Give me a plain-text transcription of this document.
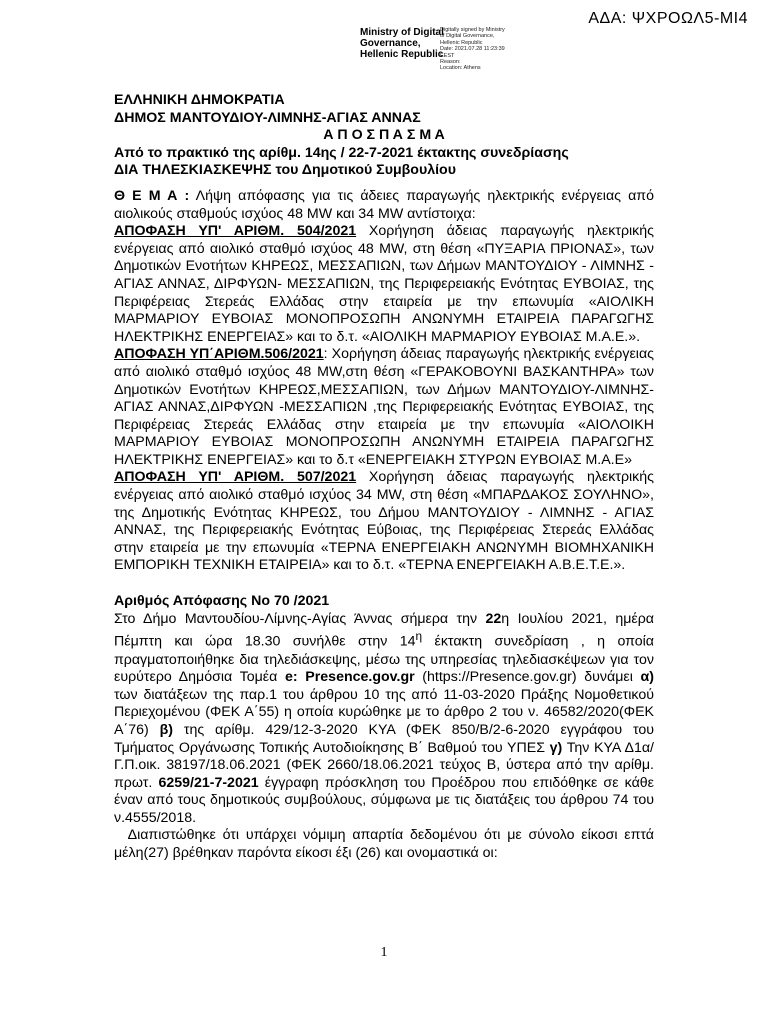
ΑΔΑ: ΨΧΡΟΩΛ5-ΜΙ4
Ministry of Digital
Governance,
Hellenic Republic
Digitally signed by Ministry
of Digital Governance,
Hellenic Republic
Date: 2021.07.28 11:23:39
EEST
Reason:
Location: Athens
ΕΛΛΗΝΙΚΗ ΔΗΜΟΚΡΑΤΙΑ
ΔΗΜΟΣ ΜΑΝΤΟΥΔΙΟΥ-ΛΙΜΝΗΣ-ΑΓΙΑΣ ΑΝΝΑΣ
Α Π Ο Σ Π Α Σ Μ Α
Από το πρακτικό της αρίθμ. 14ης / 22-7-2021 έκτακτης συνεδρίασης
ΔΙΑ ΤΗΛΕΣΚΙΑΣΚΕΨΗΣ του Δημοτικού Συμβουλίου

Θ Ε Μ Α : Λήψη απόφασης για τις άδειες παραγωγής ηλεκτρικής ενέργειας από αιολικούς σταθμούς ισχύος 48 MW και 34 MW αντίστοιχα:

ΑΠΟΦΑΣΗ ΥΠ' ΑΡΙΘΜ. 504/2021 Χορήγηση άδειας παραγωγής ηλεκτρικής ενέργειας από αιολικό σταθμό ισχύος 48 MW, στη θέση «ΠΥΞΑΡΙΑ ΠΡΙΟΝΑΣ», των Δημοτικών Ενοτήτων ΚΗΡΕΩΣ, ΜΕΣΣΑΠΙΩΝ, των Δήμων ΜΑΝΤΟΥΔΙΟΥ - ΛΙΜΝΗΣ - ΑΓΙΑΣ ΑΝΝΑΣ, ΔΙΡΦΥΩΝ- ΜΕΣΣΑΠΙΩΝ, της Περιφερειακής Ενότητας ΕΥΒΟΙΑΣ, της Περιφέρειας Στερεάς Ελλάδας στην εταιρεία με την επωνυμία «ΑΙΟΛΙΚΗ ΜΑΡΜΑΡΙΟΥ ΕΥΒΟΙΑΣ ΜΟΝΟΠΡΟΣΩΠΗ ΑΝΩΝΥΜΗ ΕΤΑΙΡΕΙΑ ΠΑΡΑΓΩΓΗΣ ΗΛΕΚΤΡΙΚΗΣ ΕΝΕΡΓΕΙΑΣ» και το δ.τ. «ΑΙΟΛΙΚΗ ΜΑΡΜΑΡΙΟΥ ΕΥΒΟΙΑΣ Μ.Α.Ε.».

ΑΠΟΦΑΣΗ ΥΠ΄ΑΡΙΘΜ.506/2021: Χορήγηση άδειας παραγωγής ηλεκτρικής ενέργειας από αιολικό σταθμό ισχύος 48 MW,στη θέση «ΓΕΡΑΚΟΒΟΥΝΙ ΒΑΣΚΑΝΤΗΡΑ» των Δημοτικών Ενοτήτων ΚΗΡΕΩΣ,ΜΕΣΣΑΠΙΩΝ, των Δήμων ΜΑΝΤΟΥΔΙΟΥ-ΛΙΜΝΗΣ-ΑΓΙΑΣ ΑΝΝΑΣ,ΔΙΡΦΥΩΝ -ΜΕΣΣΑΠΙΩΝ ,της Περιφερειακής Ενότητας ΕΥΒΟΙΑΣ, της Περιφέρειας Στερεάς Ελλάδας στην εταιρεία με την επωνυμία «ΑΙΟΛΟΙΚΗ ΜΑΡΜΑΡΙΟΥ ΕΥΒΟΙΑΣ ΜΟΝΟΠΡΟΣΩΠΗ ΑΝΩΝΥΜΗ ΕΤΑΙΡΕΙΑ ΠΑΡΑΓΩΓΗΣ ΗΛΕΚΤΡΙΚΗΣ ΕΝΕΡΓΕΙΑΣ» και το δ.τ «ΕΝΕΡΓΕΙΑΚΗ ΣΤΥΡΩΝ ΕΥΒΟΙΑΣ Μ.Α.Ε»

ΑΠΟΦΑΣΗ ΥΠ' ΑΡΙΘΜ. 507/2021 Χορήγηση άδειας παραγωγής ηλεκτρικής ενέργειας από αιολικό σταθμό ισχύος 34 MW, στη θέση «ΜΠΑΡΔΑΚΟΣ ΣΟΥΛΗΝΟ», της Δημοτικής Ενότητας ΚΗΡΕΩΣ, του Δήμου ΜΑΝΤΟΥΔΙΟΥ - ΛΙΜΝΗΣ - ΑΓΙΑΣ ΑΝΝΑΣ, της Περιφερειακής Ενότητας Εύβοιας, της Περιφέρειας Στερεάς Ελλάδας στην εταιρεία με την επωνυμία «ΤΕΡΝΑ ΕΝΕΡΓΕΙΑΚΗ ΑΝΩΝΥΜΗ ΒΙΟΜΗΧΑΝΙΚΗ ΕΜΠΟΡΙΚΗ ΤΕΧΝΙΚΗ ΕΤΑΙΡΕΙΑ» και το δ.τ. «ΤΕΡΝΑ ΕΝΕΡΓΕΙΑΚΗ Α.Β.Ε.Τ.Ε.».

Αριθμός Απόφασης Νο 70 /2021

Στο Δήμο Μαντουδίου-Λίμνης-Αγίας Άννας σήμερα την 22η Ιουλίου 2021, ημέρα Πέμπτη και ώρα 18.30 συνήλθε στην $14^\eta$ έκτακτη συνεδρίαση , η οποία πραγματοποιήθηκε δια τηλεδιάσκεψης, μέσω της υπηρεσίας τηλεδιασκέψεων για τον ευρύτερο Δημόσια Τομέα e: Presence.gov.gr (https://Presence.gov.gr) δυνάμει α) των διατάξεων της παρ.1 του άρθρου 10 της από 11-03-2020 Πράξης Νομοθετικού Περιεχομένου (ΦΕΚ Α΄55) η οποία κυρώθηκε με το άρθρο 2 του ν. 46582/2020(ΦΕΚ Α΄76) β) της αρίθμ. 429/12-3-2020 ΚΥΑ (ΦΕΚ 850/Β/2-6-2020 εγγράφου του Τμήματος Οργάνωσης Τοπικής Αυτοδιοίκησης Β΄ Βαθμού του ΥΠΕΣ γ) Την ΚΥΑ Δ1α/Γ.Π.οικ. 38197/18.06.2021 (ΦΕΚ 2660/18.06.2021 τεύχος Β, ύστερα από την αρίθμ. πρωτ. 6259/21-7-2021 έγγραφη πρόσκληση του Προέδρου που επιδόθηκε σε κάθε έναν από τους δημοτικούς συμβούλους, σύμφωνα με τις διατάξεις του άρθρου 74 του ν.4555/2018.

Διαπιστώθηκε ότι υπάρχει νόμιμη απαρτία δεδομένου ότι με σύνολο είκοσι επτά μέλη(27) βρέθηκαν παρόντα είκοσι έξι (26) και ονομαστικά οι:

1
